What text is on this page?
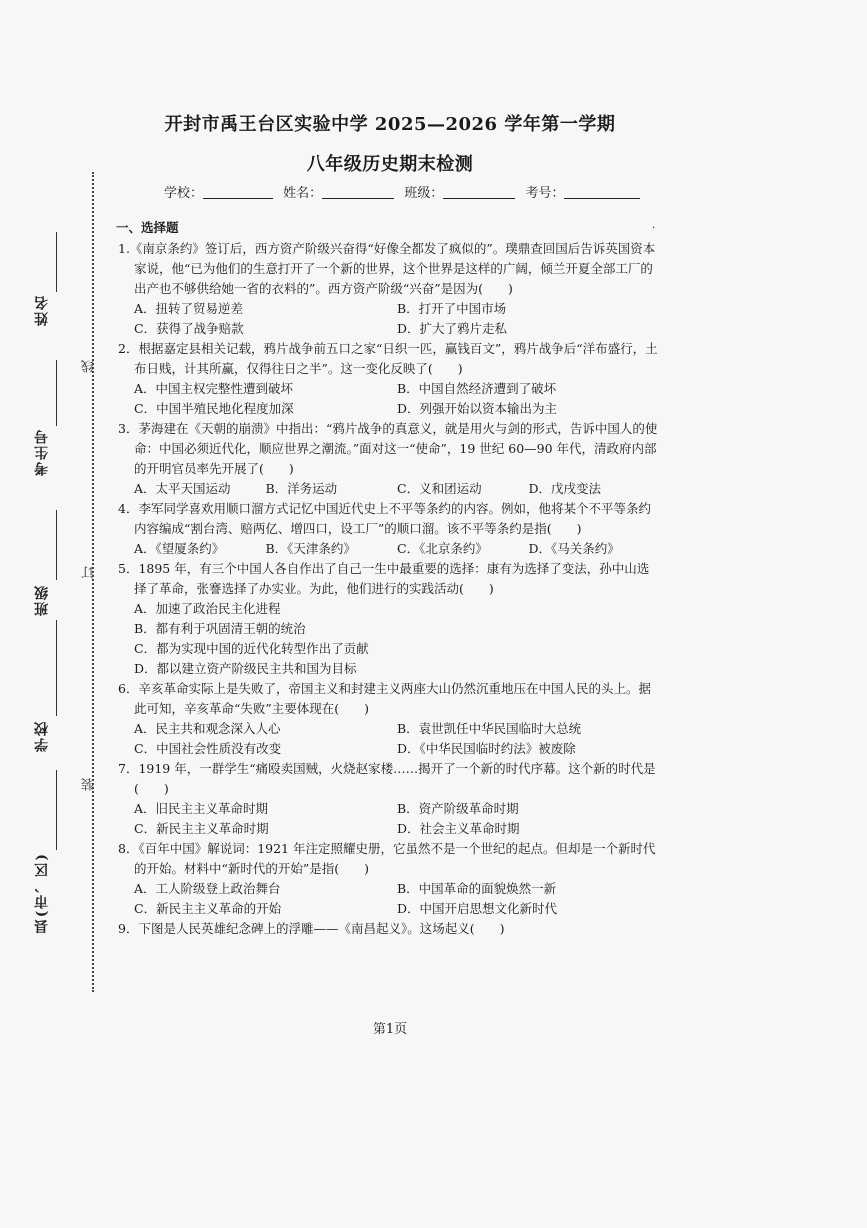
开封市禹王台区实验中学 2025—2026 学年第一学期
八年级历史期末检测
学校：	姓名：	班级：	考号：
姓名
考生号
班级
学校
县(市、区)
线
订
装
·
一、选择题
1.《南京条约》签订后，西方资产阶级兴奋得“好像全都发了疯似的”。璞鼎查回国后告诉英国资本家说，他“已为他们的生意打开了一个新的世界，这个世界是这样的广阔，倾兰开夏全部工厂的出产也不够供给她一省的衣料的”。西方资产阶级“兴奋”是因为(　　)
A．扭转了贸易逆差	B．打开了中国市场
C．获得了战争赔款	D．扩大了鸦片走私
2．根据嘉定县相关记载，鸦片战争前五口之家“日织一匹，赢钱百文”，鸦片战争后“洋布盛行，土布日贱，计其所赢，仅得往日之半”。这一变化反映了(　　)
A．中国主权完整性遭到破坏	B．中国自然经济遭到了破坏
C．中国半殖民地化程度加深	D．列强开始以资本输出为主
3．茅海建在《天朝的崩溃》中指出：“鸦片战争的真意义，就是用火与剑的形式，告诉中国人的使命：中国必须近代化，顺应世界之潮流。”面对这一“使命”，19 世纪 60—90 年代，清政府内部的开明官员率先开展了(　　)
A．太平天国运动	B．洋务运动	C．义和团运动	D．戊戌变法
4．李军同学喜欢用顺口溜方式记忆中国近代史上不平等条约的内容。例如，他将某个不平等条约内容编成“割台湾、赔两亿、增四口，设工厂”的顺口溜。该不平等条约是指(　　)
A．《望厦条约》	B．《天津条约》	C．《北京条约》	D．《马关条约》
5．1895 年，有三个中国人各自作出了自己一生中最重要的选择：康有为选择了变法，孙中山选择了革命，张謇选择了办实业。为此，他们进行的实践活动(　　)
A．加速了政治民主化进程
B．都有利于巩固清王朝的统治
C．都为实现中国的近代化转型作出了贡献
D．都以建立资产阶级民主共和国为目标
6．辛亥革命实际上是失败了，帝国主义和封建主义两座大山仍然沉重地压在中国人民的头上。据此可知，辛亥革命“失败”主要体现在(　　)
A．民主共和观念深入人心	B．袁世凯任中华民国临时大总统
C．中国社会性质没有改变	D．《中华民国临时约法》被废除
7．1919 年，一群学生“痛殴卖国贼，火烧赵家楼……揭开了一个新的时代序幕。这个新的时代是(　　)
A．旧民主主义革命时期	B．资产阶级革命时期
C．新民主主义革命时期	D．社会主义革命时期
8．《百年中国》解说词：1921 年注定照耀史册，它虽然不是一个世纪的起点。但却是一个新时代的开始。材料中“新时代的开始”是指(　　)
A．工人阶级登上政治舞台	B．中国革命的面貌焕然一新
C．新民主主义革命的开始	D．中国开启思想文化新时代
9．下图是人民英雄纪念碑上的浮雕——《南昌起义》。这场起义(　　)
第1页
